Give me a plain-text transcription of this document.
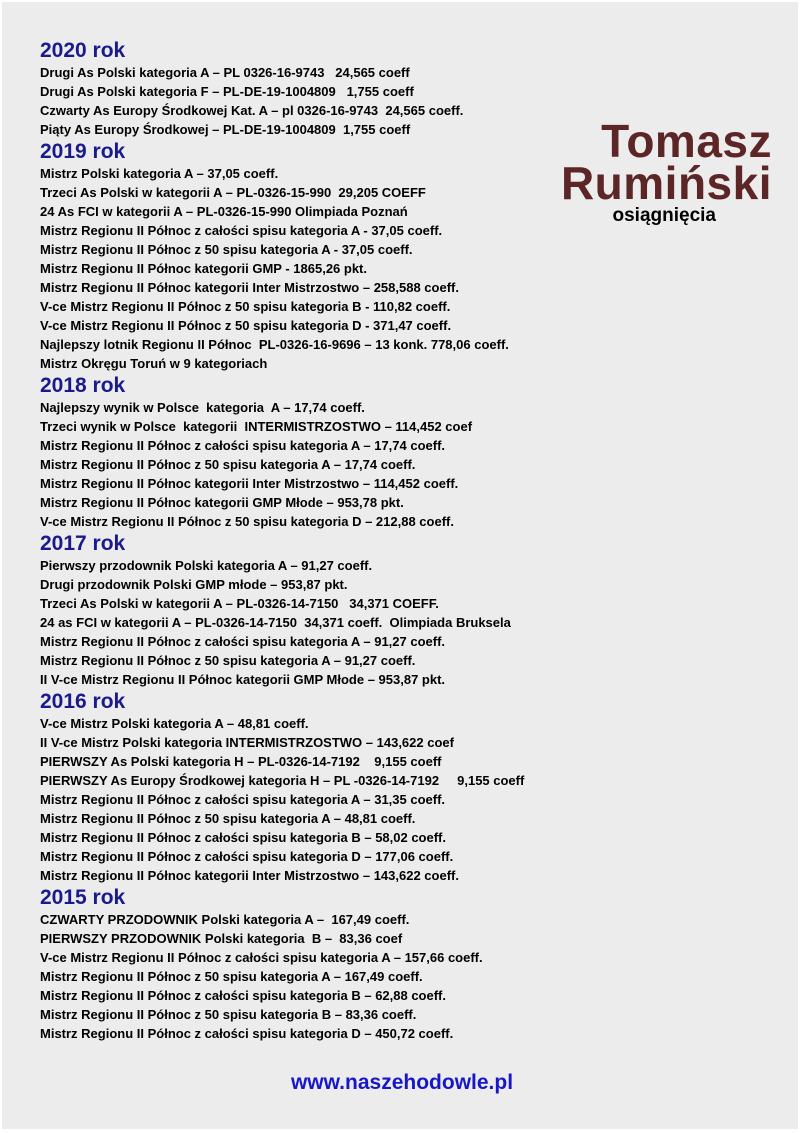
2020 rok
Drugi As Polski kategoria A – PL 0326-16-9743   24,565 coeff
Drugi As Polski kategoria F – PL-DE-19-1004809   1,755 coeff
Czwarty As Europy Środkowej Kat. A – pl 0326-16-9743  24,565 coeff.
Piąty As Europy Środkowej – PL-DE-19-1004809  1,755 coeff
2019 rok
Mistrz Polski kategoria A – 37,05 coeff.
Trzeci As Polski w kategorii A – PL-0326-15-990  29,205 COEFF
24 As FCI w kategorii A – PL-0326-15-990 Olimpiada Poznań
Mistrz Regionu II Północ z całości spisu kategoria A - 37,05 coeff.
Mistrz Regionu II Północ z 50 spisu kategoria A - 37,05 coeff.
Mistrz Regionu II Północ kategorii GMP - 1865,26 pkt.
Mistrz Regionu II Północ kategorii Inter Mistrzostwo – 258,588 coeff.
V-ce Mistrz Regionu II Północ z 50 spisu kategoria B - 110,82 coeff.
V-ce Mistrz Regionu II Północ z 50 spisu kategoria D - 371,47 coeff.
Najlepszy lotnik Regionu II Północ  PL-0326-16-9696 – 13 konk. 778,06 coeff.
Mistrz Okręgu Toruń w 9 kategoriach
2018 rok
Najlepszy wynik w Polsce  kategoria  A – 17,74 coeff.
Trzeci wynik w Polsce  kategorii  INTERMISTRZOSTWO – 114,452 coef
Mistrz Regionu II Północ z całości spisu kategoria A – 17,74 coeff.
Mistrz Regionu II Północ z 50 spisu kategoria A – 17,74 coeff.
Mistrz Regionu II Północ kategorii Inter Mistrzostwo – 114,452 coeff.
Mistrz Regionu II Północ kategorii GMP Młode – 953,78 pkt.
V-ce Mistrz Regionu II Północ z 50 spisu kategoria D – 212,88 coeff.
2017 rok
Pierwszy przodownik Polski kategoria A – 91,27 coeff.
Drugi przodownik Polski GMP młode – 953,87 pkt.
Trzeci As Polski w kategorii A – PL-0326-14-7150   34,371 COEFF.
24 as FCI w kategorii A – PL-0326-14-7150  34,371 coeff.  Olimpiada Bruksela
Mistrz Regionu II Północ z całości spisu kategoria A – 91,27 coeff.
Mistrz Regionu II Północ z 50 spisu kategoria A – 91,27 coeff.
II V-ce Mistrz Regionu II Północ kategorii GMP Młode – 953,87 pkt.
2016 rok
V-ce Mistrz Polski kategoria A – 48,81 coeff.
II V-ce Mistrz Polski kategoria INTERMISTRZOSTWO – 143,622 coef
PIERWSZY As Polski kategoria H – PL-0326-14-7192    9,155 coeff
PIERWSZY As Europy Środkowej kategoria H – PL -0326-14-7192     9,155 coeff
Mistrz Regionu II Północ z całości spisu kategoria A – 31,35 coeff.
Mistrz Regionu II Północ z 50 spisu kategoria A – 48,81 coeff.
Mistrz Regionu II Północ z całości spisu kategoria B – 58,02 coeff.
Mistrz Regionu II Północ z całości spisu kategoria D – 177,06 coeff.
Mistrz Regionu II Północ kategorii Inter Mistrzostwo – 143,622 coeff.
2015 rok
CZWARTY PRZODOWNIK Polski kategoria A –  167,49 coeff.
PIERWSZY PRZODOWNIK Polski kategoria  B –  83,36 coef
V-ce Mistrz Regionu II Północ z całości spisu kategoria A – 157,66 coeff.
Mistrz Regionu II Północ z 50 spisu kategoria A – 167,49 coeff.
Mistrz Regionu II Północ z całości spisu kategoria B – 62,88 coeff.
Mistrz Regionu II Północ z 50 spisu kategoria B – 83,36 coeff.
Mistrz Regionu II Północ z całości spisu kategoria D – 450,72 coeff.
Tomasz
Rumiński
osiągnięcia
www.naszehodowle.pl
